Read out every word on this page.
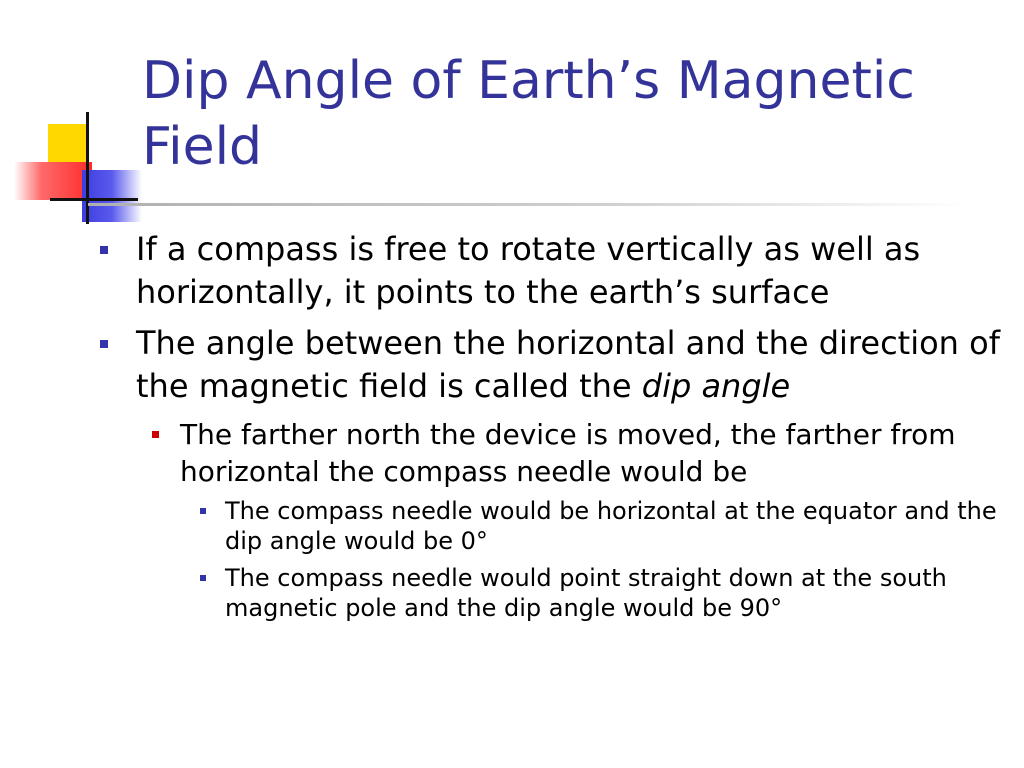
Dip Angle of Earth’s Magnetic Field
If a compass is free to rotate vertically as well as horizontally, it points to the earth’s surface
The angle between the horizontal and the direction of the magnetic field is called the dip angle
The farther north the device is moved, the farther from horizontal the compass needle would be
The compass needle would be horizontal at the equator and the dip angle would be 0°
The compass needle would point straight down at the south magnetic pole and the dip angle would be 90°
